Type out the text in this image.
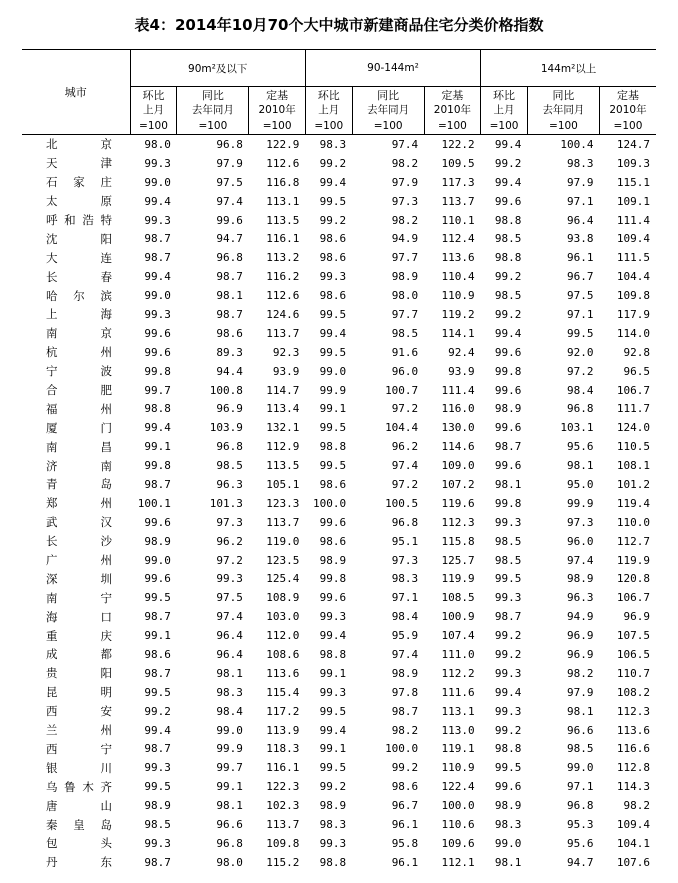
表4：2014年10月70个大中城市新建商品住宅分类价格指数
城市	90m²及以下			90-144m²			144m²以上		
	环比	同比	定基	环比	同比	定基	环比	同比	定基
	上月	去年同月	2010年	上月	去年同月	2010年	上月	去年同月	2010年
	=100	=100	=100	=100	=100	=100	=100	=100	=100
北京	98.0	96.8	122.9	98.3	97.4	122.2	99.4	100.4	124.7
天津	99.3	97.9	112.6	99.2	98.2	109.5	99.2	98.3	109.3
石家庄	99.0	97.5	116.8	99.4	97.9	117.3	99.4	97.9	115.1
太原	99.4	97.4	113.1	99.5	97.3	113.7	99.6	97.1	109.1
呼和浩特	99.3	99.6	113.5	99.2	98.2	110.1	98.8	96.4	111.4
沈阳	98.7	94.7	116.1	98.6	94.9	112.4	98.5	93.8	109.4
大连	98.7	96.8	113.2	98.6	97.7	113.6	98.8	96.1	111.5
长春	99.4	98.7	116.2	99.3	98.9	110.4	99.2	96.7	104.4
哈尔滨	99.0	98.1	112.6	98.6	98.0	110.9	98.5	97.5	109.8
上海	99.3	98.7	124.6	99.5	97.7	119.2	99.2	97.1	117.9
南京	99.6	98.6	113.7	99.4	98.5	114.1	99.4	99.5	114.0
杭州	99.6	89.3	92.3	99.5	91.6	92.4	99.6	92.0	92.8
宁波	99.8	94.4	93.9	99.0	96.0	93.9	99.8	97.2	96.5
合肥	99.7	100.8	114.7	99.9	100.7	111.4	99.6	98.4	106.7
福州	98.8	96.9	113.4	99.1	97.2	116.0	98.9	96.8	111.7
厦门	99.4	103.9	132.1	99.5	104.4	130.0	99.6	103.1	124.0
南昌	99.1	96.8	112.9	98.8	96.2	114.6	98.7	95.6	110.5
济南	99.8	98.5	113.5	99.5	97.4	109.0	99.6	98.1	108.1
青岛	98.7	96.3	105.1	98.6	97.2	107.2	98.1	95.0	101.2
郑州	100.1	101.3	123.3	100.0	100.5	119.6	99.8	99.9	119.4
武汉	99.6	97.3	113.7	99.6	96.8	112.3	99.3	97.3	110.0
长沙	98.9	96.2	119.0	98.6	95.1	115.8	98.5	96.0	112.7
广州	99.0	97.2	123.5	98.9	97.3	125.7	98.5	97.4	119.9
深圳	99.6	99.3	125.4	99.8	98.3	119.9	99.5	98.9	120.8
南宁	99.5	97.5	108.9	99.6	97.1	108.5	99.3	96.3	106.7
海口	98.7	97.4	103.0	99.3	98.4	100.9	98.7	94.9	96.9
重庆	99.1	96.4	112.0	99.4	95.9	107.4	99.2	96.9	107.5
成都	98.6	96.4	108.6	98.8	97.4	111.0	99.2	96.9	106.5
贵阳	98.7	98.1	113.6	99.1	98.9	112.2	99.3	98.2	110.7
昆明	99.5	98.3	115.4	99.3	97.8	111.6	99.4	97.9	108.2
西安	99.2	98.4	117.2	99.5	98.7	113.1	99.3	98.1	112.3
兰州	99.4	99.0	113.9	99.4	98.2	113.0	99.2	96.6	113.6
西宁	98.7	99.9	118.3	99.1	100.0	119.1	98.8	98.5	116.6
银川	99.3	99.7	116.1	99.5	99.2	110.9	99.5	99.0	112.8
乌鲁木齐	99.5	99.1	122.3	99.2	98.6	122.4	99.6	97.1	114.3
唐山	98.9	98.1	102.3	98.9	96.7	100.0	98.9	96.8	98.2
秦皇岛	98.5	96.6	113.7	98.3	96.1	110.6	98.3	95.3	109.4
包头	99.3	96.8	109.8	99.3	95.8	109.6	99.0	95.6	104.1
丹东	98.7	98.0	115.2	98.8	96.1	112.1	98.1	94.7	107.6
